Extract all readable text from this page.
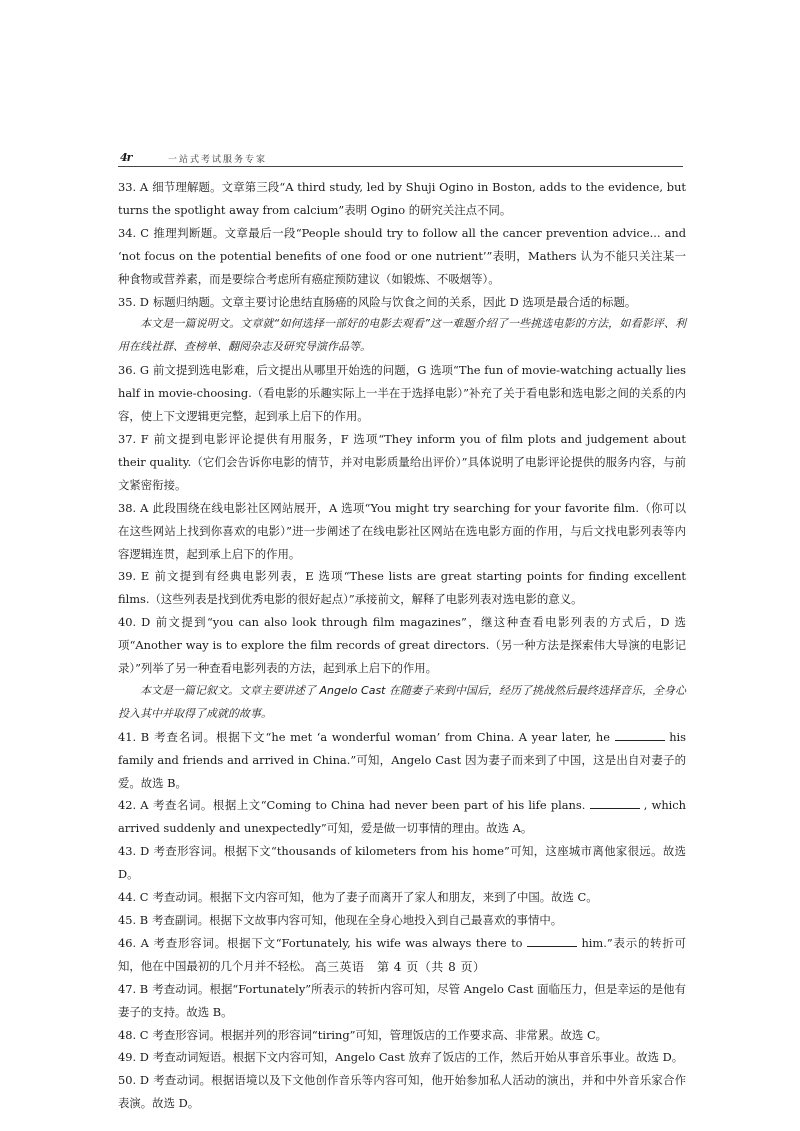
4r	一站式考试服务专家

33. A 细节理解题。文章第三段“A third study, led by Shuji Ogino in Boston, adds to the evidence, but turns the spotlight away from calcium”表明 Ogino 的研究关注点不同。

34. C 推理判断题。文章最后一段“People should try to follow all the cancer prevention advice... and ‘not focus on the potential benefits of one food or one nutrient’”表明，Mathers 认为不能只关注某一种食物或营养素，而是要综合考虑所有癌症预防建议（如锻炼、不吸烟等）。

35. D 标题归纳题。文章主要讨论患结直肠癌的风险与饮食之间的关系，因此 D 选项是最合适的标题。

本文是一篇说明文。文章就“如何选择一部好的电影去观看”这一难题介绍了一些挑选电影的方法，如看影评、利用在线社群、查榜单、翻阅杂志及研究导演作品等。

36. G 前文提到选电影难，后文提出从哪里开始选的问题，G 选项“The fun of movie-watching actually lies half in movie-choosing.（看电影的乐趣实际上一半在于选择电影）”补充了关于看电影和选电影之间的关系的内容，使上下文逻辑更完整，起到承上启下的作用。

37. F 前文提到电影评论提供有用服务，F 选项“They inform you of film plots and judgement about their quality.（它们会告诉你电影的情节，并对电影质量给出评价）”具体说明了电影评论提供的服务内容，与前文紧密衔接。

38. A 此段围绕在线电影社区网站展开，A 选项“You might try searching for your favorite film.（你可以在这些网站上找到你喜欢的电影）”进一步阐述了在线电影社区网站在选电影方面的作用，与后文找电影列表等内容逻辑连贯，起到承上启下的作用。

39. E 前文提到有经典电影列表，E 选项“These lists are great starting points for finding excellent films.（这些列表是找到优秀电影的很好起点）”承接前文，解释了电影列表对选电影的意义。

40. D 前文提到“you can also look through film magazines”，继这种查看电影列表的方式后，D 选项“Another way is to explore the film records of great directors.（另一种方法是探索伟大导演的电影记录）”列举了另一种查看电影列表的方法，起到承上启下的作用。

本文是一篇记叙文。文章主要讲述了 Angelo Cast 在随妻子来到中国后，经历了挑战然后最终选择音乐，全身心投入其中并取得了成就的故事。

41. B 考查名词。根据下文“he met ‘a wonderful woman’ from China. A year later, he	his family and friends and arrived in China.”可知，Angelo Cast 因为妻子而来到了中国，这是出自对妻子的爱。故选 B。

42. A 考查名词。根据上文“Coming to China had never been part of his life plans.	, which arrived suddenly and unexpectedly”可知，爱是做一切事情的理由。故选 A。

43. D 考查形容词。根据下文“thousands of kilometers from his home”可知，这座城市离他家很远。故选 D。

44. C 考查动词。根据下文内容可知，他为了妻子而离开了家人和朋友，来到了中国。故选 C。

45. B 考查副词。根据下文故事内容可知，他现在全身心地投入到自己最喜欢的事情中。

46. A 考查形容词。根据下文“Fortunately, his wife was always there to	him.”表示的转折可知，他在中国最初的几个月并不轻松。

47. B 考查动词。根据“Fortunately”所表示的转折内容可知，尽管 Angelo Cast 面临压力，但是幸运的是他有妻子的支持。故选 B。

48. C 考查形容词。根据并列的形容词“tiring”可知，管理饭店的工作要求高、非常累。故选 C。

49. D 考查动词短语。根据下文内容可知，Angelo Cast 放弃了饭店的工作，然后开始从事音乐事业。故选 D。

50. D 考查动词。根据语境以及下文他创作音乐等内容可知，他开始参加私人活动的演出，并和中外音乐家合作表演。故选 D。

高三英语　第 4 页（共 8 页）
